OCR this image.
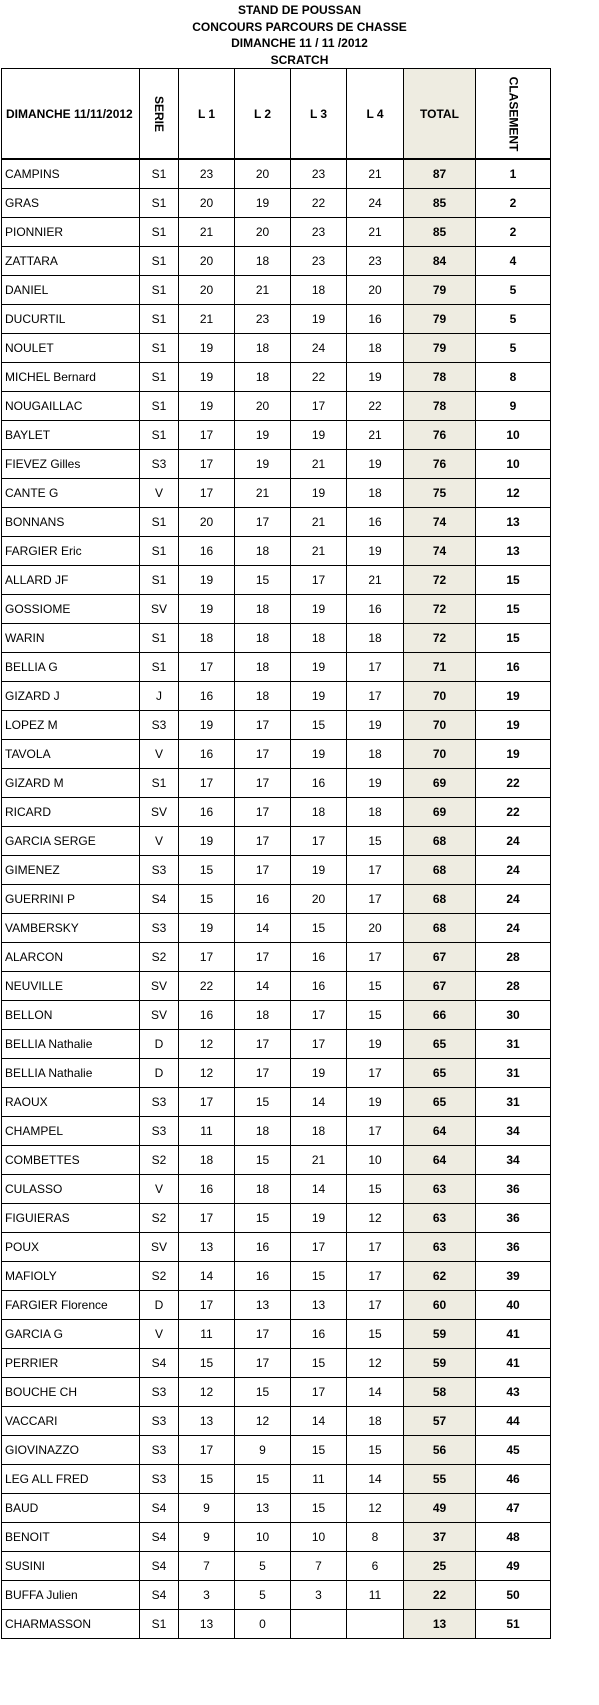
STAND DE POUSSAN
CONCOURS PARCOURS DE CHASSE
DIMANCHE 11 / 11 /2012
SCRATCH
DIMANCHE 11/11/2012	SERIE	L 1	L 2	L 3	L 4	TOTAL	CLASEMENT
CAMPINS	S1	23	20	23	21	87	1
GRAS	S1	20	19	22	24	85	2
PIONNIER	S1	21	20	23	21	85	2
ZATTARA	S1	20	18	23	23	84	4
DANIEL	S1	20	21	18	20	79	5
DUCURTIL	S1	21	23	19	16	79	5
NOULET	S1	19	18	24	18	79	5
MICHEL Bernard	S1	19	18	22	19	78	8
NOUGAILLAC	S1	19	20	17	22	78	9
BAYLET	S1	17	19	19	21	76	10
FIEVEZ Gilles	S3	17	19	21	19	76	10
CANTE G	V	17	21	19	18	75	12
BONNANS	S1	20	17	21	16	74	13
FARGIER Eric	S1	16	18	21	19	74	13
ALLARD JF	S1	19	15	17	21	72	15
GOSSIOME	SV	19	18	19	16	72	15
WARIN	S1	18	18	18	18	72	15
BELLIA G	S1	17	18	19	17	71	16
GIZARD J	J	16	18	19	17	70	19
LOPEZ M	S3	19	17	15	19	70	19
TAVOLA	V	16	17	19	18	70	19
GIZARD M	S1	17	17	16	19	69	22
RICARD	SV	16	17	18	18	69	22
GARCIA SERGE	V	19	17	17	15	68	24
GIMENEZ	S3	15	17	19	17	68	24
GUERRINI P	S4	15	16	20	17	68	24
VAMBERSKY	S3	19	14	15	20	68	24
ALARCON	S2	17	17	16	17	67	28
NEUVILLE	SV	22	14	16	15	67	28
BELLON	SV	16	18	17	15	66	30
BELLIA Nathalie	D	12	17	17	19	65	31
BELLIA Nathalie	D	12	17	19	17	65	31
RAOUX	S3	17	15	14	19	65	31
CHAMPEL	S3	11	18	18	17	64	34
COMBETTES	S2	18	15	21	10	64	34
CULASSO	V	16	18	14	15	63	36
FIGUIERAS	S2	17	15	19	12	63	36
POUX	SV	13	16	17	17	63	36
MAFIOLY	S2	14	16	15	17	62	39
FARGIER Florence	D	17	13	13	17	60	40
GARCIA G	V	11	17	16	15	59	41
PERRIER	S4	15	17	15	12	59	41
BOUCHE CH	S3	12	15	17	14	58	43
VACCARI	S3	13	12	14	18	57	44
GIOVINAZZO	S3	17	9	15	15	56	45
LEG ALL FRED	S3	15	15	11	14	55	46
BAUD	S4	9	13	15	12	49	47
BENOIT	S4	9	10	10	8	37	48
SUSINI	S4	7	5	7	6	25	49
BUFFA Julien	S4	3	5	3	11	22	50
CHARMASSON	S1	13	0			13	51
